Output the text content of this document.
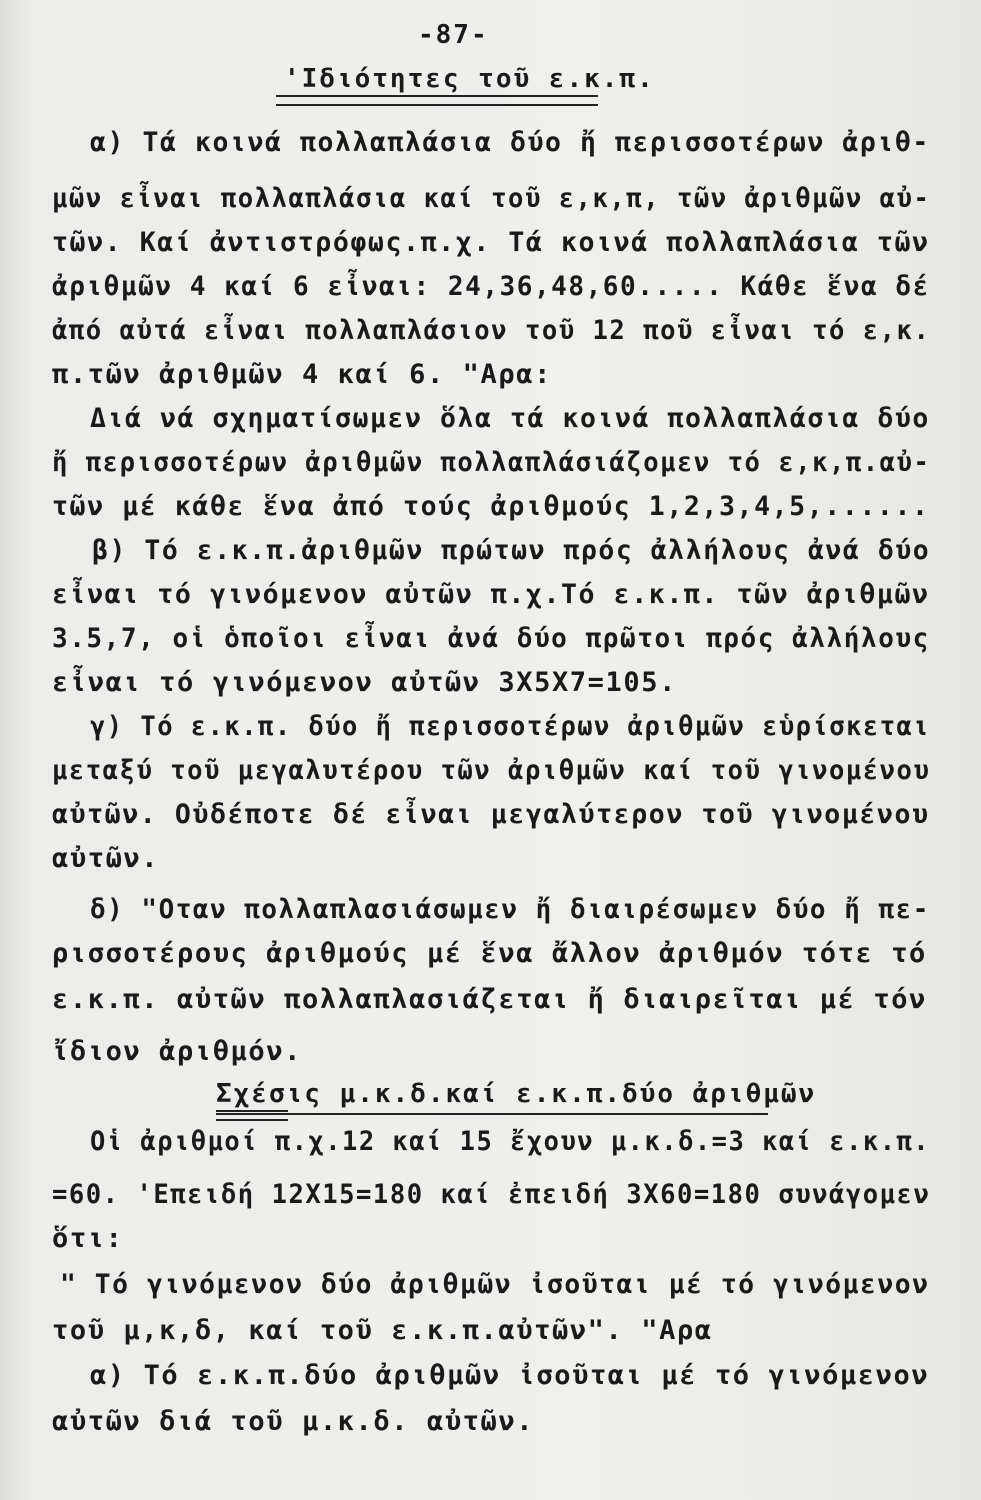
-87-
'Ιδιότητες τοῦ ε.κ.π.
α) Τά κοινά πολλαπλάσια δύο ἤ περισσοτέρων ἀριθ-
μῶν εἶναι πολλαπλάσια καί τοῦ ε,κ,π, τῶν ἀριθμῶν αὐ-
τῶν. Καί ἀντιστρόφως.π.χ. Τά κοινά πολλαπλάσια τῶν
ἀριθμῶν 4 καί 6 εἶναι: 24,36,48,60..... Κάθε ἕνα δέ
ἀπό αὐτά εἶναι πολλαπλάσιον τοῦ 12 ποῦ εἶναι τό ε,κ.
π.τῶν ἀριθμῶν 4 καί 6. "Αρα:
Διά νά σχηματίσωμεν ὅλα τά κοινά πολλαπλάσια δύο
ἤ περισσοτέρων ἀριθμῶν πολλαπλάσιάζομεν τό ε,κ,π.αὐ-
τῶν μέ κάθε ἕνα ἀπό τούς ἀριθμούς 1,2,3,4,5,......
β) Τό ε.κ.π.ἀριθμῶν πρώτων πρός ἀλλήλους ἀνά δύο
εἶναι τό γινόμενον αὐτῶν π.χ.Τό ε.κ.π. τῶν ἀριθμῶν
3.5,7, οἱ ὁποῖοι εἶναι ἀνά δύο πρῶτοι πρός ἀλλήλους
εἶναι τό γινόμενον αὐτῶν 3Χ5Χ7=105.
γ) Τό ε.κ.π. δύο ἤ περισσοτέρων ἀριθμῶν εὑρίσκεται
μεταξύ τοῦ μεγαλυτέρου τῶν ἀριθμῶν καί τοῦ γινομένου
αὐτῶν. Οὐδέποτε δέ εἶναι μεγαλύτερον τοῦ γινομένου
αὐτῶν.
δ) "Οταν πολλαπλασιάσωμεν ἤ διαιρέσωμεν δύο ἤ πε-
ρισσοτέρους ἀριθμούς μέ ἕνα ἄλλον ἀριθμόν τότε τό
ε.κ.π. αὐτῶν πολλαπλασιάζεται ἤ διαιρεῖται μέ τόν
ἴδιον ἀριθμόν.
Σχέσις μ.κ.δ.καί ε.κ.π.δύο ἀριθμῶν
Οἱ ἀριθμοί π.χ.12 καί 15 ἔχουν μ.κ.δ.=3 καί ε.κ.π.
=60. 'Επειδή 12Χ15=180 καί ἐπειδή 3Χ60=180 συνάγομεν
ὅτι:
" Τό γινόμενον δύο ἀριθμῶν ἰσοῦται μέ τό γινόμενον
τοῦ μ,κ,δ, καί τοῦ ε.κ.π.αὐτῶν". "Αρα
α) Τό ε.κ.π.δύο ἀριθμῶν ἰσοῦται μέ τό γινόμενον
αὐτῶν διά τοῦ μ.κ.δ. αὐτῶν.
